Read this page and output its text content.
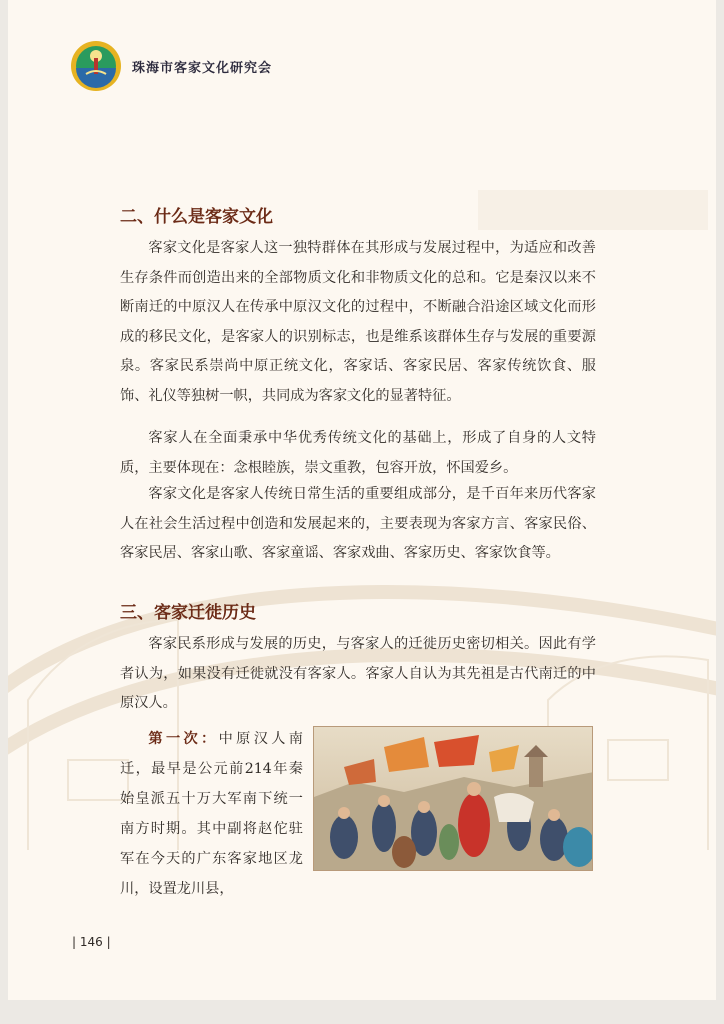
珠海市客家文化研究会
二、什么是客家文化

客家文化是客家人这一独特群体在其形成与发展过程中，为适应和改善生存条件而创造出来的全部物质文化和非物质文化的总和。它是秦汉以来不断南迁的中原汉人在传承中原汉文化的过程中，不断融合沿途区域文化而形成的移民文化，是客家人的识别标志，也是维系该群体生存与发展的重要源泉。客家民系崇尚中原正统文化，客家话、客家民居、客家传统饮食、服饰、礼仪等独树一帜，共同成为客家文化的显著特征。

客家人在全面秉承中华优秀传统文化的基础上，形成了自身的人文特质，主要体现在：念根睦族，崇文重教，包容开放，怀国爱乡。

客家文化是客家人传统日常生活的重要组成部分，是千百年来历代客家人在社会生活过程中创造和发展起来的，主要表现为客家方言、客家民俗、客家民居、客家山歌、客家童谣、客家戏曲、客家历史、客家饮食等。

三、客家迁徙历史

客家民系形成与发展的历史，与客家人的迁徙历史密切相关。因此有学者认为，如果没有迁徙就没有客家人。客家人自认为其先祖是古代南迁的中原汉人。

第一次：中原汉人南迁，最早是公元前214年秦始皇派五十万大军南下统一南方时期。其中副将赵佗驻军在今天的广东客家地区龙川，设置龙川县，

| 146 |
